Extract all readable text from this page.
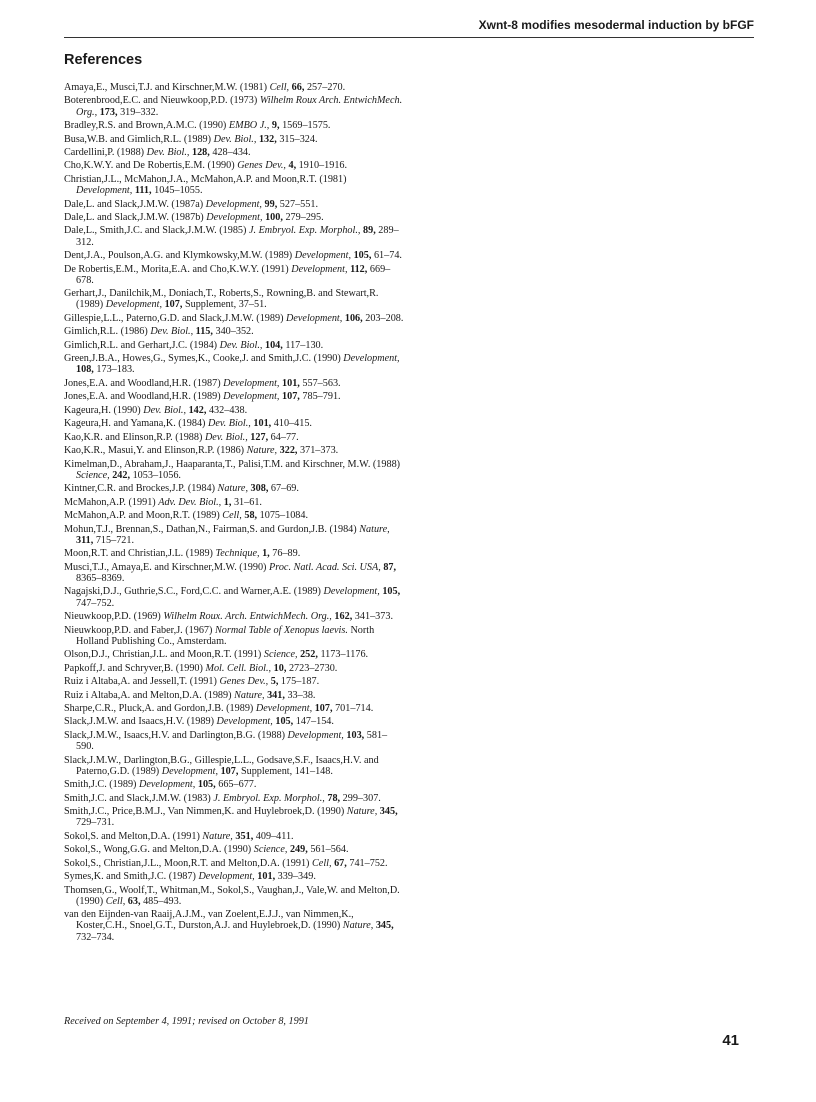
Xwnt-8 modifies mesodermal induction by bFGF
References
Amaya,E., Musci,T.J. and Kirschner,M.W. (1981) Cell, 66, 257–270.
Boterenbrood,E.C. and Nieuwkoop,P.D. (1973) Wilhelm Roux Arch. EntwichMech. Org., 173, 319–332.
Bradley,R.S. and Brown,A.M.C. (1990) EMBO J., 9, 1569–1575.
Busa,W.B. and Gimlich,R.L. (1989) Dev. Biol., 132, 315–324.
Cardellini,P. (1988) Dev. Biol., 128, 428–434.
Cho,K.W.Y. and De Robertis,E.M. (1990) Genes Dev., 4, 1910–1916.
Christian,J.L., McMahon,J.A., McMahon,A.P. and Moon,R.T. (1981) Development, 111, 1045–1055.
Dale,L. and Slack,J.M.W. (1987a) Development, 99, 527–551.
Dale,L. and Slack,J.M.W. (1987b) Development, 100, 279–295.
Dale,L., Smith,J.C. and Slack,J.M.W. (1985) J. Embryol. Exp. Morphol., 89, 289–312.
Dent,J.A., Poulson,A.G. and Klymkowsky,M.W. (1989) Development, 105, 61–74.
De Robertis,E.M., Morita,E.A. and Cho,K.W.Y. (1991) Development, 112, 669–678.
Gerhart,J., Danilchik,M., Doniach,T., Roberts,S., Rowning,B. and Stewart,R. (1989) Development, 107, Supplement, 37–51.
Gillespie,L.L., Paterno,G.D. and Slack,J.M.W. (1989) Development, 106, 203–208.
Gimlich,R.L. (1986) Dev. Biol., 115, 340–352.
Gimlich,R.L. and Gerhart,J.C. (1984) Dev. Biol., 104, 117–130.
Green,J.B.A., Howes,G., Symes,K., Cooke,J. and Smith,J.C. (1990) Development, 108, 173–183.
Jones,E.A. and Woodland,H.R. (1987) Development, 101, 557–563.
Jones,E.A. and Woodland,H.R. (1989) Development, 107, 785–791.
Kageura,H. (1990) Dev. Biol., 142, 432–438.
Kageura,H. and Yamana,K. (1984) Dev. Biol., 101, 410–415.
Kao,K.R. and Elinson,R.P. (1988) Dev. Biol., 127, 64–77.
Kao,K.R., Masui,Y. and Elinson,R.P. (1986) Nature, 322, 371–373.
Kimelman,D., Abraham,J., Haaparanta,T., Palisi,T.M. and Kirschner, M.W. (1988) Science, 242, 1053–1056.
Kintner,C.R. and Brockes,J.P. (1984) Nature, 308, 67–69.
McMahon,A.P. (1991) Adv. Dev. Biol., 1, 31–61.
McMahon,A.P. and Moon,R.T. (1989) Cell, 58, 1075–1084.
Mohun,T.J., Brennan,S., Dathan,N., Fairman,S. and Gurdon,J.B. (1984) Nature, 311, 715–721.
Moon,R.T. and Christian,J.L. (1989) Technique, 1, 76–89.
Musci,T.J., Amaya,E. and Kirschner,M.W. (1990) Proc. Natl. Acad. Sci. USA, 87, 8365–8369.
Nagajski,D.J., Guthrie,S.C., Ford,C.C. and Warner,A.E. (1989) Development, 105, 747–752.
Nieuwkoop,P.D. (1969) Wilhelm Roux. Arch. EntwichMech. Org., 162, 341–373.
Nieuwkoop,P.D. and Faber,J. (1967) Normal Table of Xenopus laevis. North Holland Publishing Co., Amsterdam.
Olson,D.J., Christian,J.L. and Moon,R.T. (1991) Science, 252, 1173–1176.
Papkoff,J. and Schryver,B. (1990) Mol. Cell. Biol., 10, 2723–2730.
Ruiz i Altaba,A. and Jessell,T. (1991) Genes Dev., 5, 175–187.
Ruiz i Altaba,A. and Melton,D.A. (1989) Nature, 341, 33–38.
Sharpe,C.R., Pluck,A. and Gordon,J.B. (1989) Development, 107, 701–714.
Slack,J.M.W. and Isaacs,H.V. (1989) Development, 105, 147–154.
Slack,J.M.W., Isaacs,H.V. and Darlington,B.G. (1988) Development, 103, 581–590.
Slack,J.M.W., Darlington,B.G., Gillespie,L.L., Godsave,S.F., Isaacs,H.V. and Paterno,G.D. (1989) Development, 107, Supplement, 141–148.
Smith,J.C. (1989) Development, 105, 665–677.
Smith,J.C. and Slack,J.M.W. (1983) J. Embryol. Exp. Morphol., 78, 299–307.
Smith,J.C., Price,B.M.J., Van Nimmen,K. and Huylebroek,D. (1990) Nature, 345, 729–731.
Sokol,S. and Melton,D.A. (1991) Nature, 351, 409–411.
Sokol,S., Wong,G.G. and Melton,D.A. (1990) Science, 249, 561–564.
Sokol,S., Christian,J.L., Moon,R.T. and Melton,D.A. (1991) Cell, 67, 741–752.
Symes,K. and Smith,J.C. (1987) Development, 101, 339–349.
Thomsen,G., Woolf,T., Whitman,M., Sokol,S., Vaughan,J., Vale,W. and Melton,D. (1990) Cell, 63, 485–493.
van den Eijnden-van Raaij,A.J.M., van Zoelent,E.J.J., van Nimmen,K., Koster,C.H., Snoel,G.T., Durston,A.J. and Huylebroek,D. (1990) Nature, 345, 732–734.
Received on September 4, 1991; revised on October 8, 1991
41
